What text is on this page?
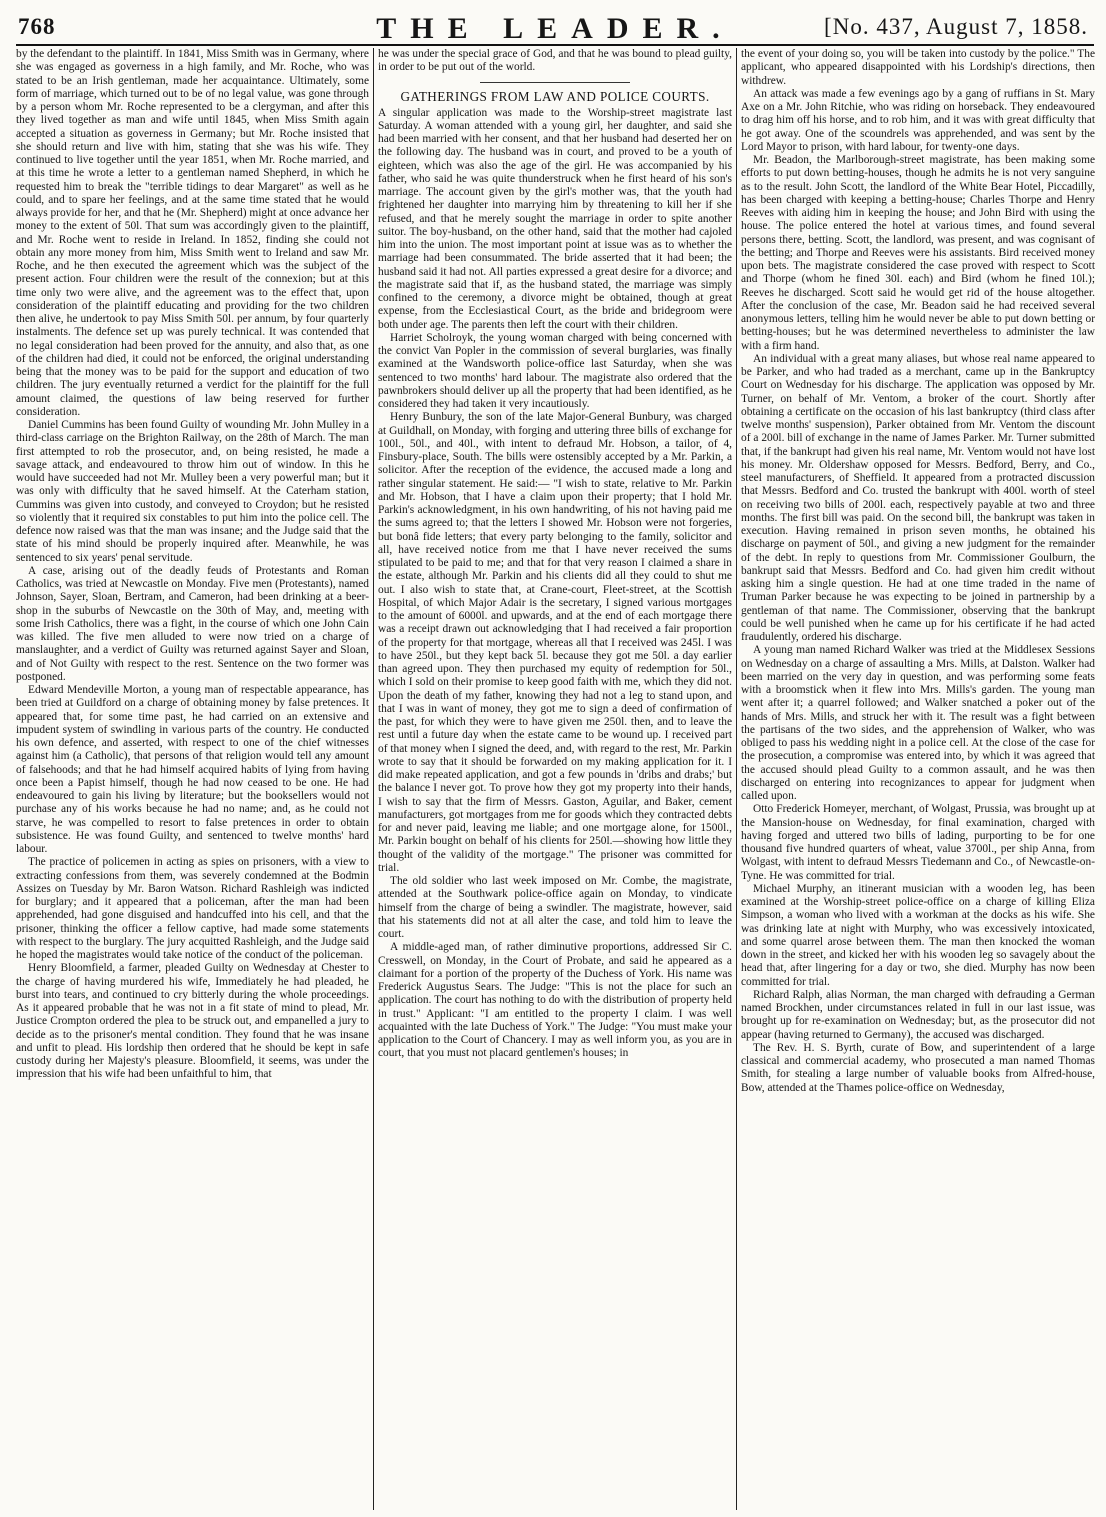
768	THE LEADER.	[No. 437, August 7, 1858.

by the defendant to the plaintiff. In 1841, Miss Smith was in Germany, where she was engaged as governess in a high family, and Mr. Roche, who was stated to be an Irish gentleman, made her acquaintance. Ultimately, some form of marriage, which turned out to be of no legal value, was gone through by a person whom Mr. Roche represented to be a clergyman, and after this they lived together as man and wife until 1845, when Miss Smith again accepted a situation as governess in Germany; but Mr. Roche insisted that she should return and live with him, stating that she was his wife. They continued to live together until the year 1851, when Mr. Roche married, and at this time he wrote a letter to a gentleman named Shepherd, in which he requested him to break the "terrible tidings to dear Margaret" as well as he could, and to spare her feelings, and at the same time stated that he would always provide for her, and that he (Mr. Shepherd) might at once advance her money to the extent of 50l. That sum was accordingly given to the plaintiff, and Mr. Roche went to reside in Ireland. In 1852, finding she could not obtain any more money from him, Miss Smith went to Ireland and saw Mr. Roche, and he then executed the agreement which was the subject of the present action. Four children were the result of the connexion; but at this time only two were alive, and the agreement was to the effect that, upon consideration of the plaintiff educating and providing for the two children then alive, he undertook to pay Miss Smith 50l. per annum, by four quarterly instalments. The defence set up was purely technical. It was contended that no legal consideration had been proved for the annuity, and also that, as one of the children had died, it could not be enforced, the original understanding being that the money was to be paid for the support and education of two children. The jury eventually returned a verdict for the plaintiff for the full amount claimed, the questions of law being reserved for further consideration.

Daniel Cummins has been found Guilty of wounding Mr. John Mulley in a third-class carriage on the Brighton Railway, on the 28th of March. The man first attempted to rob the prosecutor, and, on being resisted, he made a savage attack, and endeavoured to throw him out of window. In this he would have succeeded had not Mr. Mulley been a very powerful man; but it was only with difficulty that he saved himself. At the Caterham station, Cummins was given into custody, and conveyed to Croydon; but he resisted so violently that it required six constables to put him into the police cell. The defence now raised was that the man was insane; and the Judge said that the state of his mind should be properly inquired after. Meanwhile, he was sentenced to six years' penal servitude.

A case, arising out of the deadly feuds of Protestants and Roman Catholics, was tried at Newcastle on Monday. Five men (Protestants), named Johnson, Sayer, Sloan, Bertram, and Cameron, had been drinking at a beer-shop in the suburbs of Newcastle on the 30th of May, and, meeting with some Irish Catholics, there was a fight, in the course of which one John Cain was killed. The five men alluded to were now tried on a charge of manslaughter, and a verdict of Guilty was returned against Sayer and Sloan, and of Not Guilty with respect to the rest. Sentence on the two former was postponed.

Edward Mendeville Morton, a young man of respectable appearance, has been tried at Guildford on a charge of obtaining money by false pretences. It appeared that, for some time past, he had carried on an extensive and impudent system of swindling in various parts of the country. He conducted his own defence, and asserted, with respect to one of the chief witnesses against him (a Catholic), that persons of that religion would tell any amount of falsehoods; and that he had himself acquired habits of lying from having once been a Papist himself, though he had now ceased to be one. He had endeavoured to gain his living by literature; but the booksellers would not purchase any of his works because he had no name; and, as he could not starve, he was compelled to resort to false pretences in order to obtain subsistence. He was found Guilty, and sentenced to twelve months' hard labour.

The practice of policemen in acting as spies on prisoners, with a view to extracting confessions from them, was severely condemned at the Bodmin Assizes on Tuesday by Mr. Baron Watson. Richard Rashleigh was indicted for burglary; and it appeared that a policeman, after the man had been apprehended, had gone disguised and handcuffed into his cell, and that the prisoner, thinking the officer a fellow captive, had made some statements with respect to the burglary. The jury acquitted Rashleigh, and the Judge said he hoped the magistrates would take notice of the conduct of the policeman.

Henry Bloomfield, a farmer, pleaded Guilty on Wednesday at Chester to the charge of having murdered his wife, Immediately he had pleaded, he burst into tears, and continued to cry bitterly during the whole proceedings. As it appeared probable that he was not in a fit state of mind to plead, Mr. Justice Crompton ordered the plea to be struck out, and empanelled a jury to decide as to the prisoner's mental condition. They found that he was insane and unfit to plead. His lordship then ordered that he should be kept in safe custody during her Majesty's pleasure. Bloomfield, it seems, was under the impression that his wife had been unfaithful to him, that

he was under the special grace of God, and that he was bound to plead guilty, in order to be put out of the world.

GATHERINGS FROM LAW AND POLICE COURTS.

A singular application was made to the Worship-street magistrate last Saturday. A woman attended with a young girl, her daughter, and said she had been married with her consent, and that her husband had deserted her on the following day. The husband was in court, and proved to be a youth of eighteen, which was also the age of the girl. He was accompanied by his father, who said he was quite thunderstruck when he first heard of his son's marriage. The account given by the girl's mother was, that the youth had frightened her daughter into marrying him by threatening to kill her if she refused, and that he merely sought the marriage in order to spite another suitor. The boy-husband, on the other hand, said that the mother had cajoled him into the union. The most important point at issue was as to whether the marriage had been consummated. The bride asserted that it had been; the husband said it had not. All parties expressed a great desire for a divorce; and the magistrate said that if, as the husband stated, the marriage was simply confined to the ceremony, a divorce might be obtained, though at great expense, from the Ecclesiastical Court, as the bride and bridegroom were both under age. The parents then left the court with their children.

Harriet Scholroyk, the young woman charged with being concerned with the convict Van Popler in the commission of several burglaries, was finally examined at the Wandsworth police-office last Saturday, when she was sentenced to two months' hard labour. The magistrate also ordered that the pawnbrokers should deliver up all the property that had been identified, as he considered they had taken it very incautiously.

Henry Bunbury, the son of the late Major-General Bunbury, was charged at Guildhall, on Monday, with forging and uttering three bills of exchange for 100l., 50l., and 40l., with intent to defraud Mr. Hobson, a tailor, of 4, Finsbury-place, South. The bills were ostensibly accepted by a Mr. Parkin, a solicitor. After the reception of the evidence, the accused made a long and rather singular statement. He said:— "I wish to state, relative to Mr. Parkin and Mr. Hobson, that I have a claim upon their property; that I hold Mr. Parkin's acknowledgment, in his own handwriting, of his not having paid me the sums agreed to; that the letters I showed Mr. Hobson were not forgeries, but bonâ fide letters; that every party belonging to the family, solicitor and all, have received notice from me that I have never received the sums stipulated to be paid to me; and that for that very reason I claimed a share in the estate, although Mr. Parkin and his clients did all they could to shut me out. I also wish to state that, at Crane-court, Fleet-street, at the Scottish Hospital, of which Major Adair is the secretary, I signed various mortgages to the amount of 6000l. and upwards, and at the end of each mortgage there was a receipt drawn out acknowledging that I had received a fair proportion of the property for that mortgage, whereas all that I received was 245l. I was to have 250l., but they kept back 5l. because they got me 50l. a day earlier than agreed upon. They then purchased my equity of redemption for 50l., which I sold on their promise to keep good faith with me, which they did not. Upon the death of my father, knowing they had not a leg to stand upon, and that I was in want of money, they got me to sign a deed of confirmation of the past, for which they were to have given me 250l. then, and to leave the rest until a future day when the estate came to be wound up. I received part of that money when I signed the deed, and, with regard to the rest, Mr. Parkin wrote to say that it should be forwarded on my making application for it. I did make repeated application, and got a few pounds in 'dribs and drabs;' but the balance I never got. To prove how they got my property into their hands, I wish to say that the firm of Messrs. Gaston, Aguilar, and Baker, cement manufacturers, got mortgages from me for goods which they contracted debts for and never paid, leaving me liable; and one mortgage alone, for 1500l., Mr. Parkin bought on behalf of his clients for 250l.—showing how little they thought of the validity of the mortgage." The prisoner was committed for trial.

The old soldier who last week imposed on Mr. Combe, the magistrate, attended at the Southwark police-office again on Monday, to vindicate himself from the charge of being a swindler. The magistrate, however, said that his statements did not at all alter the case, and told him to leave the court.

A middle-aged man, of rather diminutive proportions, addressed Sir C. Cresswell, on Monday, in the Court of Probate, and said he appeared as a claimant for a portion of the property of the Duchess of York. His name was Frederick Augustus Sears. The Judge: "This is not the place for such an application. The court has nothing to do with the distribution of property held in trust." Applicant: "I am entitled to the property I claim. I was well acquainted with the late Duchess of York." The Judge: "You must make your application to the Court of Chancery. I may as well inform you, as you are in court, that you must not placard gentlemen's houses; in

the event of your doing so, you will be taken into custody by the police." The applicant, who appeared disappointed with his Lordship's directions, then withdrew.

An attack was made a few evenings ago by a gang of ruffians in St. Mary Axe on a Mr. John Ritchie, who was riding on horseback. They endeavoured to drag him off his horse, and to rob him, and it was with great difficulty that he got away. One of the scoundrels was apprehended, and was sent by the Lord Mayor to prison, with hard labour, for twenty-one days.

Mr. Beadon, the Marlborough-street magistrate, has been making some efforts to put down betting-houses, though he admits he is not very sanguine as to the result. John Scott, the landlord of the White Bear Hotel, Piccadilly, has been charged with keeping a betting-house; Charles Thorpe and Henry Reeves with aiding him in keeping the house; and John Bird with using the house. The police entered the hotel at various times, and found several persons there, betting. Scott, the landlord, was present, and was cognisant of the betting; and Thorpe and Reeves were his assistants. Bird received money upon bets. The magistrate considered the case proved with respect to Scott and Thorpe (whom he fined 30l. each) and Bird (whom he fined 10l.); Reeves he discharged. Scott said he would get rid of the house altogether. After the conclusion of the case, Mr. Beadon said he had received several anonymous letters, telling him he would never be able to put down betting or betting-houses; but he was determined nevertheless to administer the law with a firm hand.

An individual with a great many aliases, but whose real name appeared to be Parker, and who had traded as a merchant, came up in the Bankruptcy Court on Wednesday for his discharge. The application was opposed by Mr. Turner, on behalf of Mr. Ventom, a broker of the court. Shortly after obtaining a certificate on the occasion of his last bankruptcy (third class after twelve months' suspension), Parker obtained from Mr. Ventom the discount of a 200l. bill of exchange in the name of James Parker. Mr. Turner submitted that, if the bankrupt had given his real name, Mr. Ventom would not have lost his money. Mr. Oldershaw opposed for Messrs. Bedford, Berry, and Co., steel manufacturers, of Sheffield. It appeared from a protracted discussion that Messrs. Bedford and Co. trusted the bankrupt with 400l. worth of steel on receiving two bills of 200l. each, respectively payable at two and three months. The first bill was paid. On the second bill, the bankrupt was taken in execution. Having remained in prison seven months, he obtained his discharge on payment of 50l., and giving a new judgment for the remainder of the debt. In reply to questions from Mr. Commissioner Goulburn, the bankrupt said that Messrs. Bedford and Co. had given him credit without asking him a single question. He had at one time traded in the name of Truman Parker because he was expecting to be joined in partnership by a gentleman of that name. The Commissioner, observing that the bankrupt could be well punished when he came up for his certificate if he had acted fraudulently, ordered his discharge.

A young man named Richard Walker was tried at the Middlesex Sessions on Wednesday on a charge of assaulting a Mrs. Mills, at Dalston. Walker had been married on the very day in question, and was performing some feats with a broomstick when it flew into Mrs. Mills's garden. The young man went after it; a quarrel followed; and Walker snatched a poker out of the hands of Mrs. Mills, and struck her with it. The result was a fight between the partisans of the two sides, and the apprehension of Walker, who was obliged to pass his wedding night in a police cell. At the close of the case for the prosecution, a compromise was entered into, by which it was agreed that the accused should plead Guilty to a common assault, and he was then discharged on entering into recognizances to appear for judgment when called upon.

Otto Frederick Homeyer, merchant, of Wolgast, Prussia, was brought up at the Mansion-house on Wednesday, for final examination, charged with having forged and uttered two bills of lading, purporting to be for one thousand five hundred quarters of wheat, value 3700l., per ship Anna, from Wolgast, with intent to defraud Messrs Tiedemann and Co., of Newcastle-on-Tyne. He was committed for trial.

Michael Murphy, an itinerant musician with a wooden leg, has been examined at the Worship-street police-office on a charge of killing Eliza Simpson, a woman who lived with a workman at the docks as his wife. She was drinking late at night with Murphy, who was excessively intoxicated, and some quarrel arose between them. The man then knocked the woman down in the street, and kicked her with his wooden leg so savagely about the head that, after lingering for a day or two, she died. Murphy has now been committed for trial.

Richard Ralph, alias Norman, the man charged with defrauding a German named Brockhen, under circumstances related in full in our last issue, was brought up for re-examination on Wednesday; but, as the prosecutor did not appear (having returned to Germany), the accused was discharged.

The Rev. H. S. Byrth, curate of Bow, and superintendent of a large classical and commercial academy, who prosecuted a man named Thomas Smith, for stealing a large number of valuable books from Alfred-house, Bow, attended at the Thames police-office on Wednesday,
